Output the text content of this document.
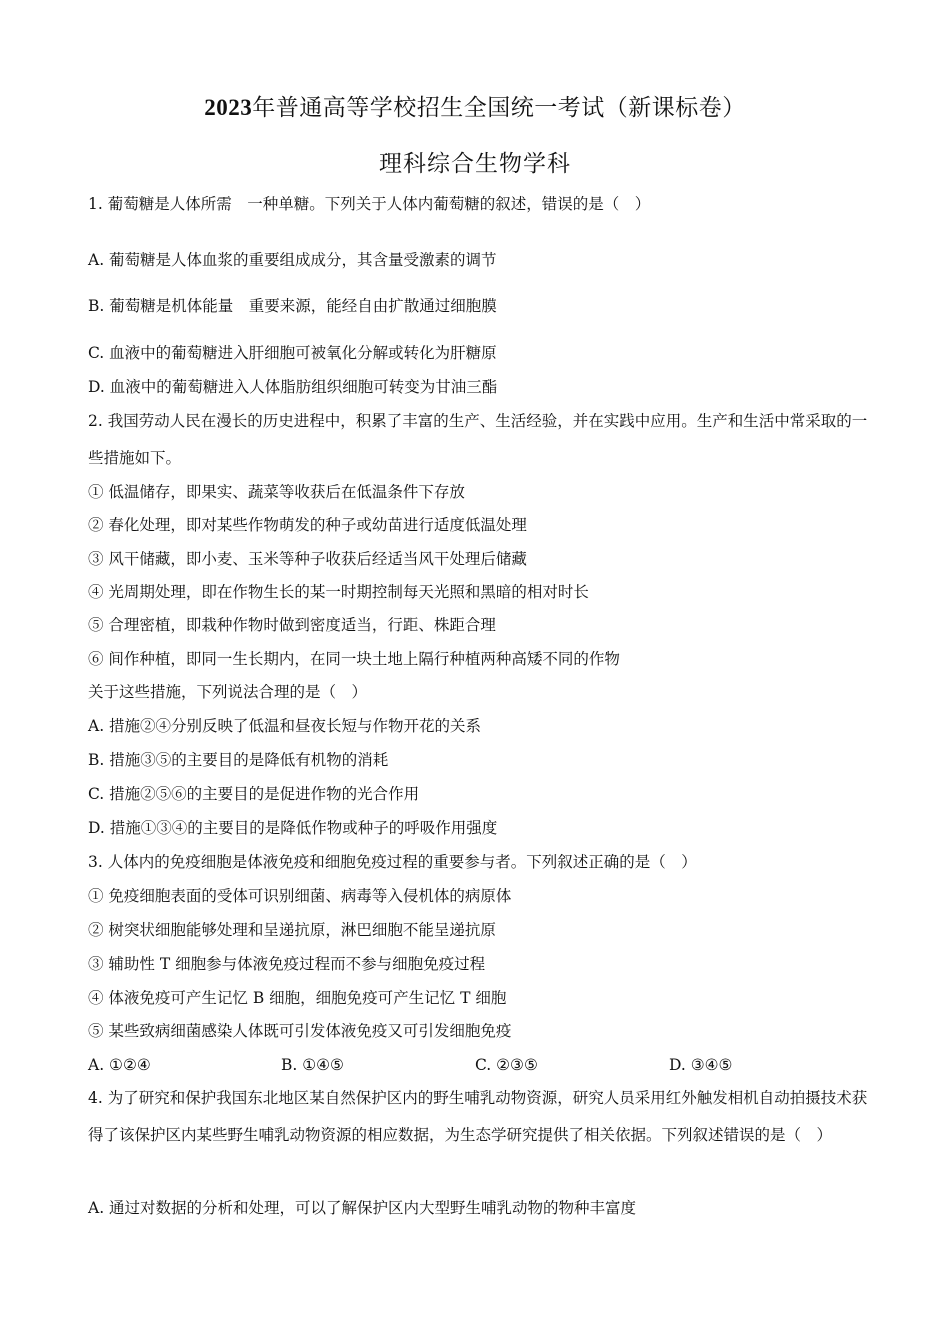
2023年普通高等学校招生全国统一考试（新课标卷）
理科综合生物学科
1. 葡萄糖是人体所需　一种单糖。下列关于人体内葡萄糖的叙述，错误的是（　）
A. 葡萄糖是人体血浆的重要组成成分，其含量受激素的调节
B. 葡萄糖是机体能量　重要来源，能经自由扩散通过细胞膜
C. 血液中的葡萄糖进入肝细胞可被氧化分解或转化为肝糖原
D. 血液中的葡萄糖进入人体脂肪组织细胞可转变为甘油三酯
2. 我国劳动人民在漫长的历史进程中，积累了丰富的生产、生活经验，并在实践中应用。生产和生活中常采取的一些措施如下。
① 低温储存，即果实、蔬菜等收获后在低温条件下存放
② 春化处理，即对某些作物萌发的种子或幼苗进行适度低温处理
③ 风干储藏，即小麦、玉米等种子收获后经适当风干处理后储藏
④ 光周期处理，即在作物生长的某一时期控制每天光照和黑暗的相对时长
⑤ 合理密植，即栽种作物时做到密度适当，行距、株距合理
⑥ 间作种植，即同一生长期内，在同一块土地上隔行种植两种高矮不同的作物
关于这些措施，下列说法合理的是（　）
A. 措施②④分别反映了低温和昼夜长短与作物开花的关系
B. 措施③⑤的主要目的是降低有机物的消耗
C. 措施②⑤⑥的主要目的是促进作物的光合作用
D. 措施①③④的主要目的是降低作物或种子的呼吸作用强度
3. 人体内的免疫细胞是体液免疫和细胞免疫过程的重要参与者。下列叙述正确的是（　）
① 免疫细胞表面的受体可识别细菌、病毒等入侵机体的病原体
② 树突状细胞能够处理和呈递抗原，淋巴细胞不能呈递抗原
③ 辅助性 T 细胞参与体液免疫过程而不参与细胞免疫过程
④ 体液免疫可产生记忆 B 细胞，细胞免疫可产生记忆 T 细胞
⑤ 某些致病细菌感染人体既可引发体液免疫又可引发细胞免疫
A. ①②④	B. ①④⑤	C. ②③⑤	D. ③④⑤
4. 为了研究和保护我国东北地区某自然保护区内的野生哺乳动物资源，研究人员采用红外触发相机自动拍摄技术获得了该保护区内某些野生哺乳动物资源的相应数据，为生态学研究提供了相关依据。下列叙述错误的是（　）
A. 通过对数据的分析和处理，可以了解保护区内大型野生哺乳动物的物种丰富度
